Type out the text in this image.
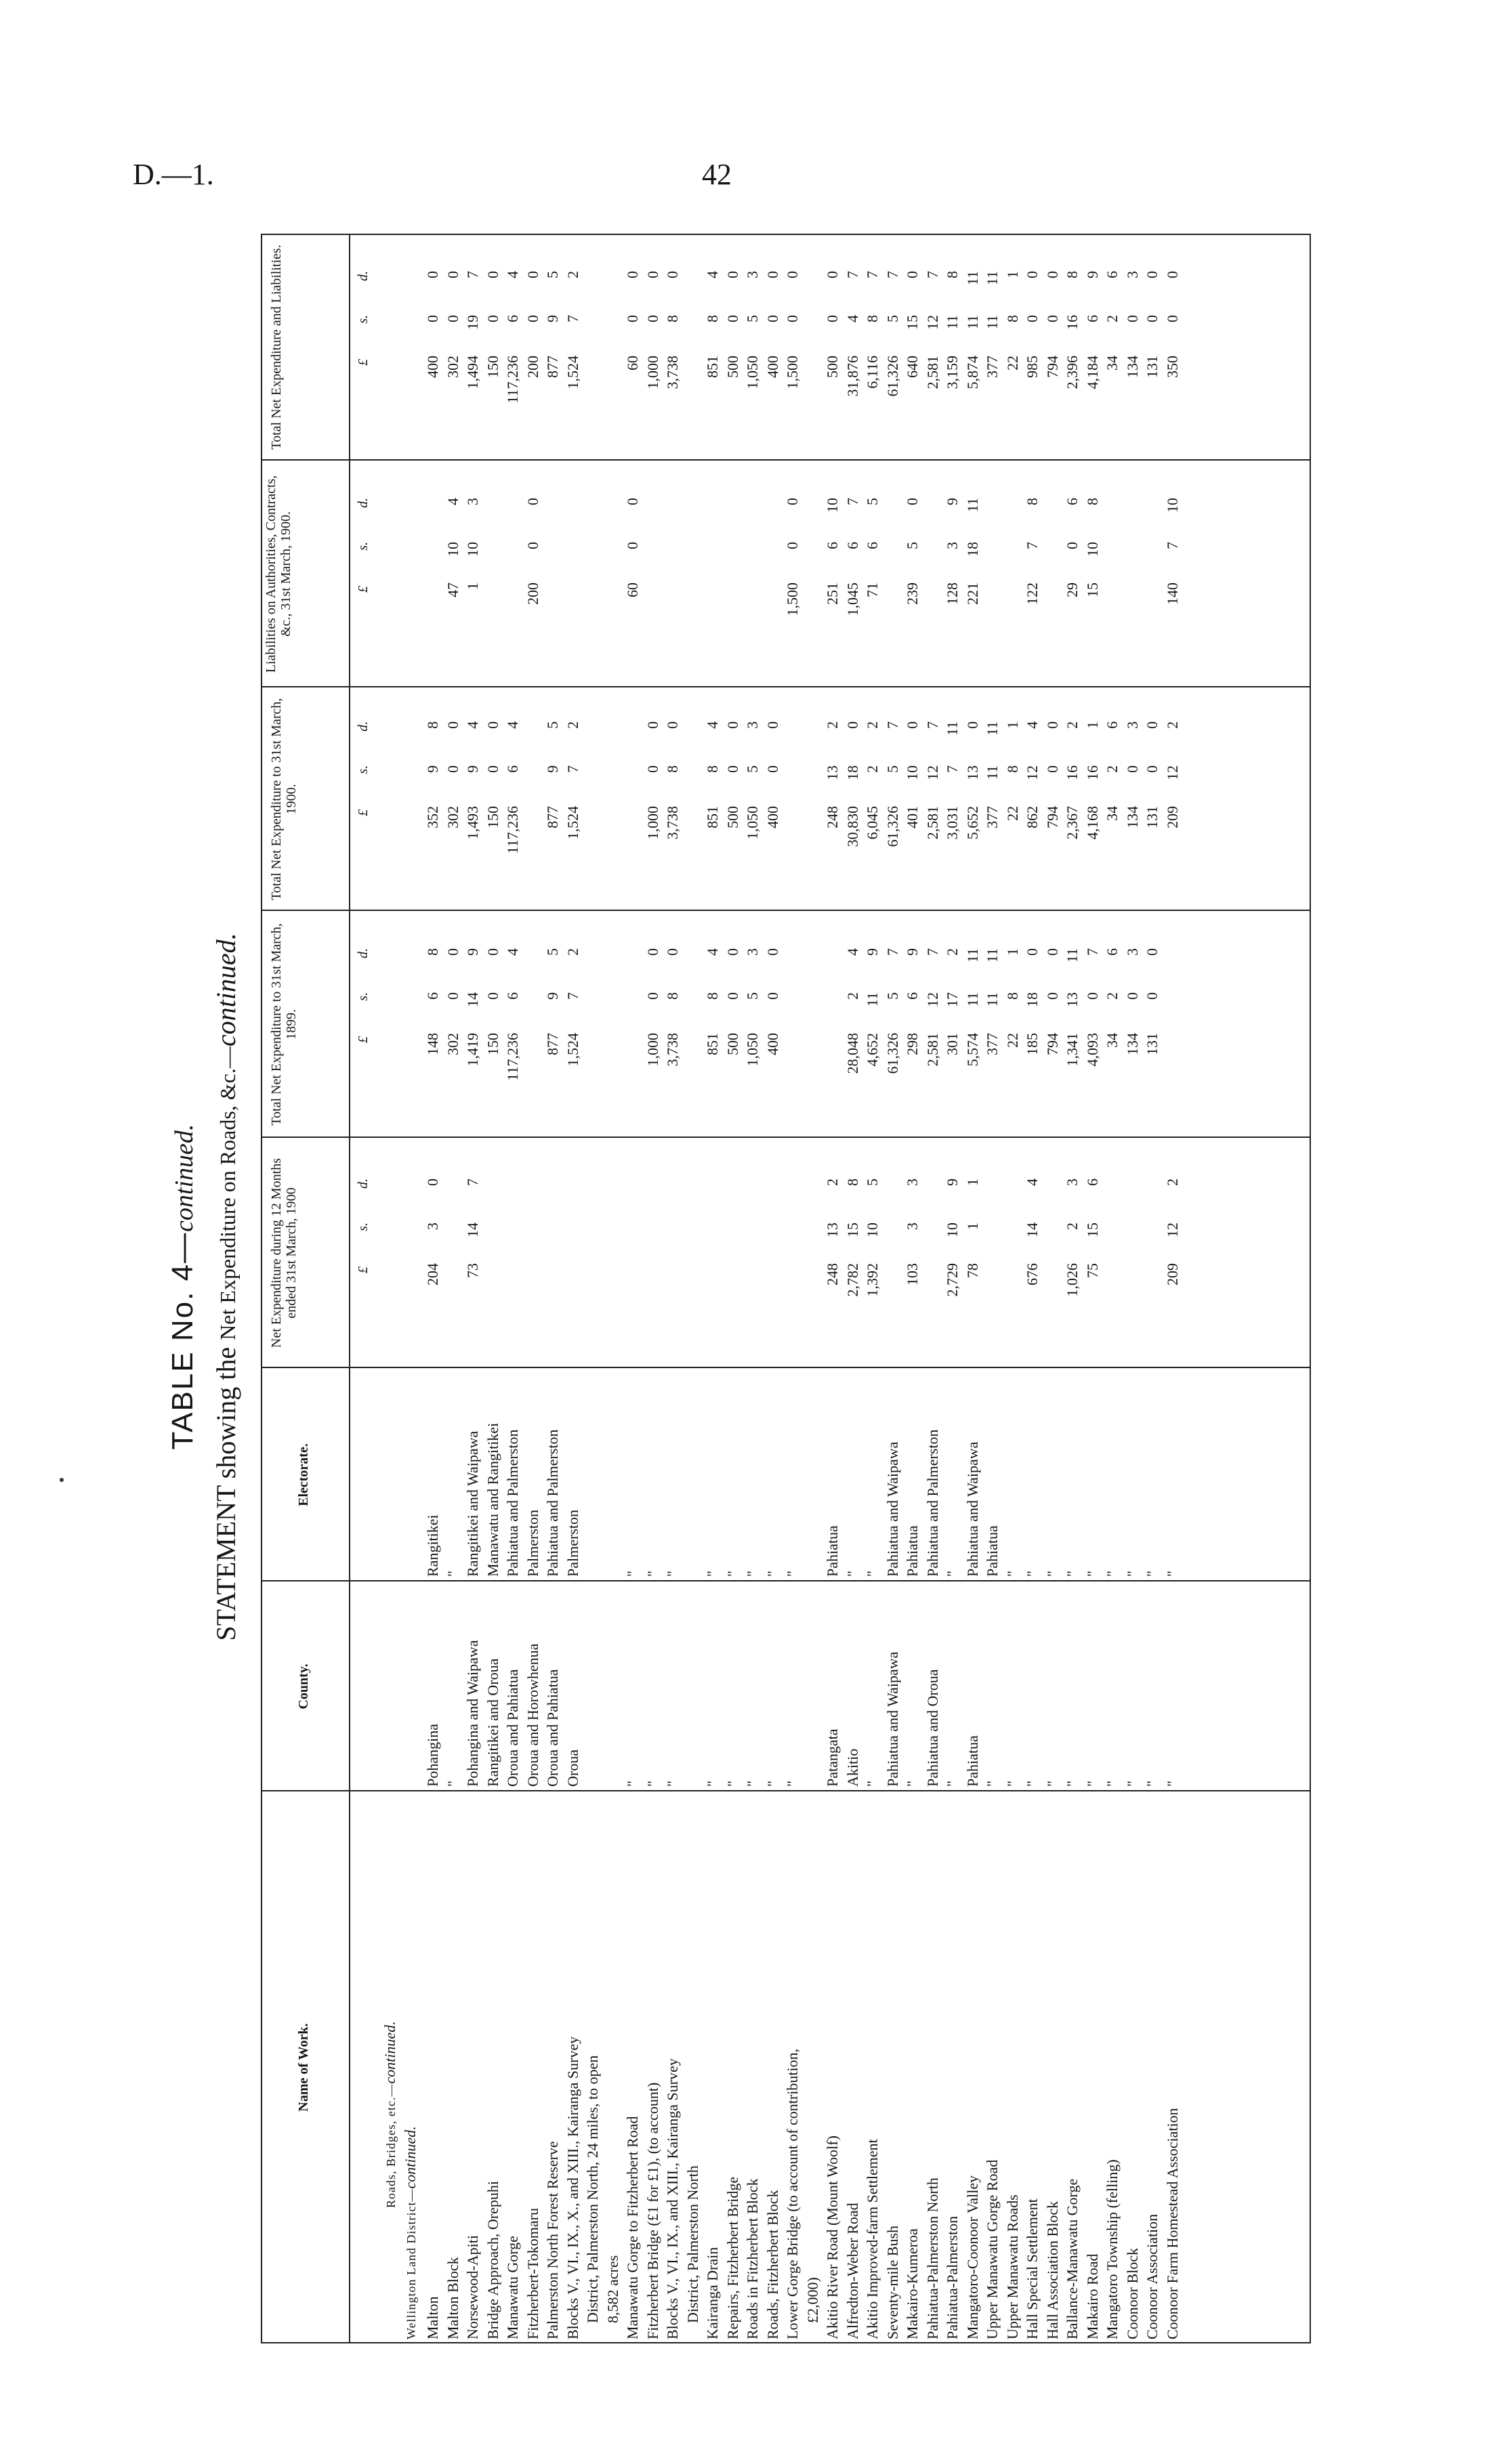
D.—1.	42
TABLE No. 4—continued.
STATEMENT showing the Net Expenditure on Roads, &c.—continued.
Name of Work.
County.
Electorate.
Total Net Expenditure to 31st March, 1899.
Net Expenditure during 12 Months ended 31st March, 1900
Total Net Expenditure to 31st March, 1900.
Liabilities on Authorities, Contracts, &c., 31st March, 1900.
Total Net Expenditure and Liabilities.
£
s.
d.
£
s.
d.
£
s.
d.
£
s.
d.
£
s.
d.
Roads, Bridges, etc.—continued.
Wellington Land District—continued.
Malton
Pohangina
Rangitikei
148
6
8
204
3
0
352
9
8
400
0
0
Malton Block
"
"
302
0
0
302
0
0
47
10
4
302
0
0
Norsewood-Apiti
Pohangina and Waipawa
Rangitikei and Waipawa
1,419
14
9
73
14
7
1,493
9
4
1
10
3
1,494
19
7
Bridge Approach, Orepuhi
Rangitikei and Oroua
Manawatu and Rangitikei
150
0
0
150
0
0
150
0
0
Manawatu Gorge
Oroua and Pahiatua
Pahiatua and Palmerston
117,236
6
4
117,236
6
4
117,236
6
4
Fitzherbert-Tokomaru
Oroua and Horowhenua
Palmerston
200
0
0
200
0
0
Palmerston North Forest Reserve
Oroua and Pahiatua
Pahiatua and Palmerston
877
9
5
877
9
5
877
9
5
Blocks V., VI., IX., X., and XIII., Kairanga Survey
Oroua
Palmerston
1,524
7
2
1,524
7
2
1,524
7
2
District, Palmerston North, 24 miles, to open 8,582 acres Manawatu Gorge to Fitzherbert Road
"
"
60
0
0
60
0
0
Fitzherbert Bridge (£1 for £1), (to account)
"
"
1,000
0
0
1,000
0
0
1,000
0
0
Blocks V., VI., IX., and XIII., Kairanga Survey
"
"
3,738
8
0
3,738
8
0
3,738
8
0
District, Palmerston North Kairanga Drain
"
"
851
8
4
851
8
4
851
8
4
Repairs, Fitzherbert Bridge
"
"
500
0
0
500
0
0
500
0
0
Roads in Fitzherbert Block
"
"
1,050
5
3
1,050
5
3
1,050
5
3
Roads, Fitzherbert Block
"
"
400
0
0
400
0
0
400
0
0
Lower Gorge Bridge (to account of contribution,
"
"
1,500
0
0
1,500
0
0
£2,000) Akitio River Road (Mount Woolf)
Patangata
Pahiatua
248
13
2
248
13
2
251
6
10
500
0
0
Alfredton-Weber Road
Akitio
"
28,048
2
4
2,782
15
8
30,830
18
0
1,045
6
7
31,876
4
7
Akitio Improved-farm Settlement
"
"
4,652
11
9
1,392
10
5
6,045
2
2
71
6
5
6,116
8
7
Seventy-mile Bush
Pahiatua and Waipawa
Pahiatua and Waipawa
61,326
5
7
61,326
5
7
61,326
5
7
Makairo-Kumeroa
"
Pahiatua
298
6
9
103
3
3
401
10
0
239
5
0
640
15
0
Pahiatua-Palmerston North
Pahiatua and Oroua
Pahiatua and Palmerston
2,581
12
7
2,581
12
7
2,581
12
7
Pahiatua-Palmerston
"
"
301
17
2
2,729
10
9
3,031
7
11
128
3
9
3,159
11
8
Mangatoro-Coonoor Valley
Pahiatua
Pahiatua and Waipawa
5,574
11
11
78
1
1
5,652
13
0
221
18
11
5,874
11
11
Upper Manawatu Gorge Road
"
Pahiatua
377
11
11
377
11
11
377
11
11
Upper Manawatu Roads
"
"
22
8
1
22
8
1
22
8
1
Hall Special Settlement
"
"
185
18
0
676
14
4
862
12
4
122
7
8
985
0
0
Hall Association Block
"
"
794
0
0
794
0
0
794
0
0
Ballance-Manawatu Gorge
"
"
1,341
13
11
1,026
2
3
2,367
16
2
29
0
6
2,396
16
8
Makairo Road
"
"
4,093
0
7
75
15
6
4,168
16
1
15
10
8
4,184
6
9
Mangatoro Township (felling)
"
"
34
2
6
34
2
6
34
2
6
Coonoor Block
"
"
134
0
3
134
0
3
134
0
3
Coonoor Association
"
"
131
0
0
131
0
0
131
0
0
Coonoor Farm Homestead Association
"
"
209
12
2
209
12
2
140
7
10
350
0
0
